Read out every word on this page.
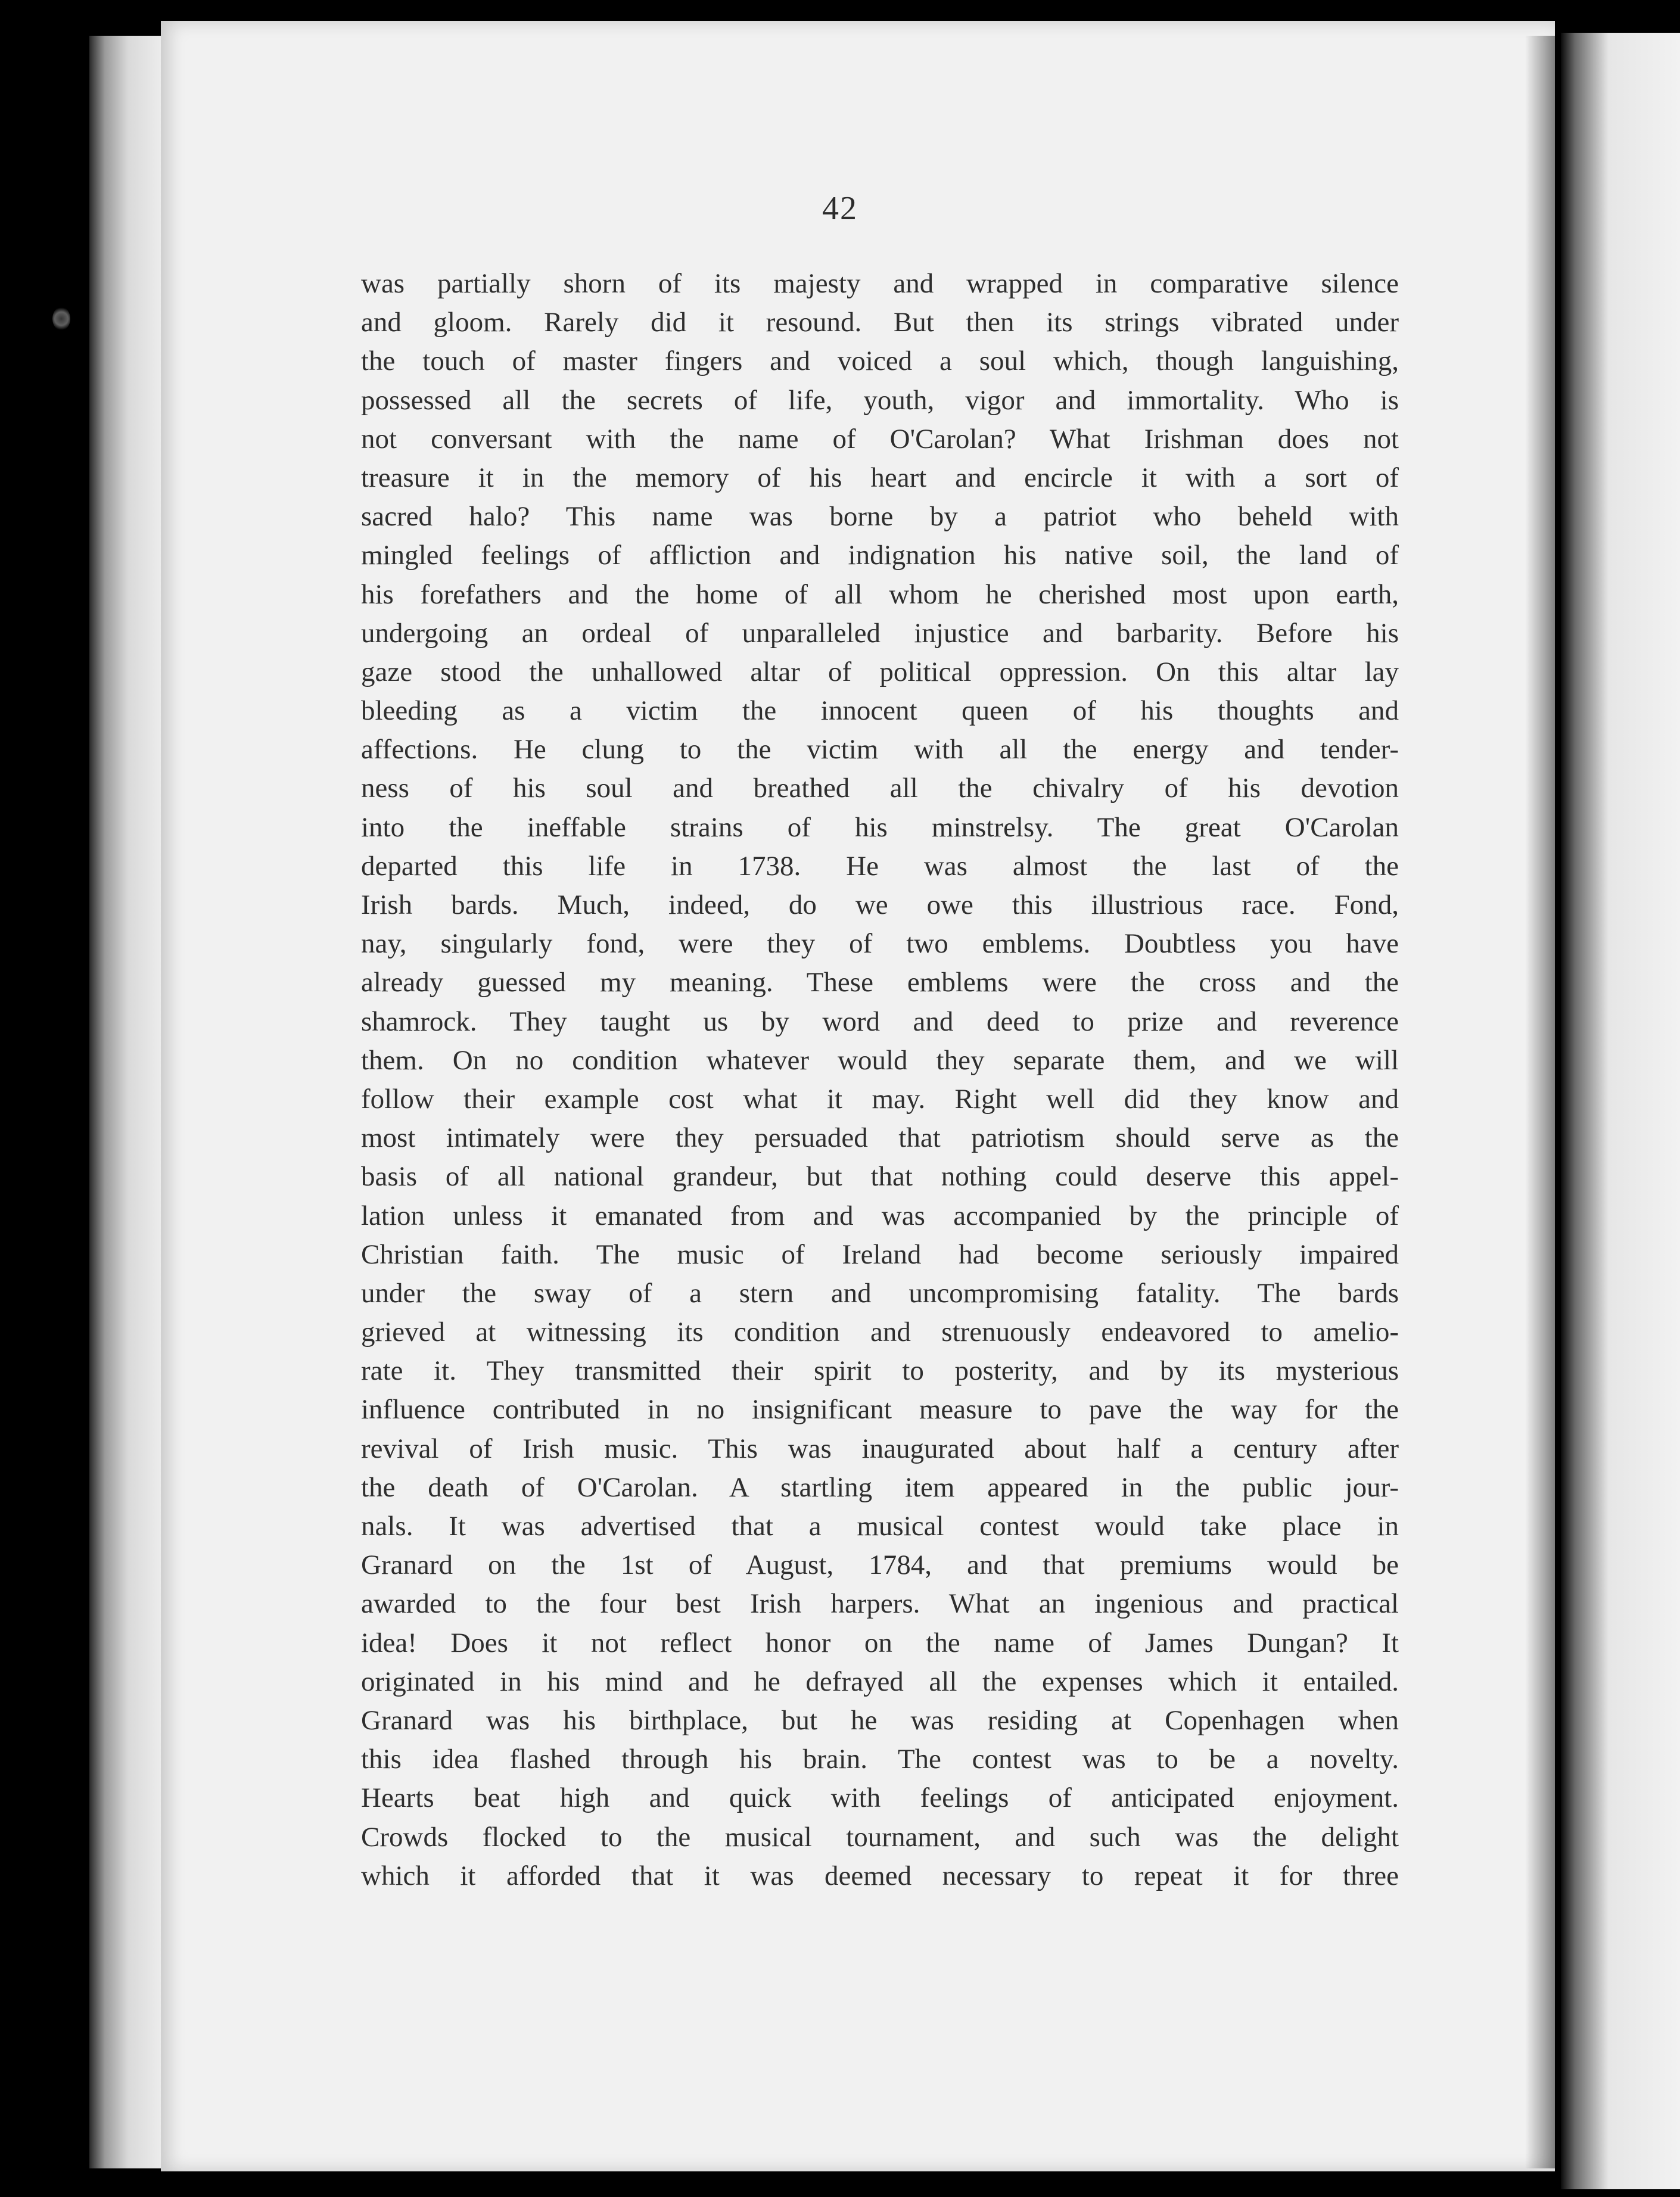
42
was partially shorn of its majesty and wrapped in comparative silence
and gloom. Rarely did it resound. But then its strings vibrated under
the touch of master fingers and voiced a soul which, though languishing,
possessed all the secrets of life, youth, vigor and immortality. Who is
not conversant with the name of O'Carolan? What Irishman does not
treasure it in the memory of his heart and encircle it with a sort of
sacred halo? This name was borne by a patriot who beheld with
mingled feelings of affliction and indignation his native soil, the land of
his forefathers and the home of all whom he cherished most upon earth,
undergoing an ordeal of unparalleled injustice and barbarity. Before his
gaze stood the unhallowed altar of political oppression. On this altar lay
bleeding as a victim the innocent queen of his thoughts and
affections. He clung to the victim with all the energy and tender-
ness of his soul and breathed all the chivalry of his devotion
into the ineffable strains of his minstrelsy. The great O'Carolan
departed this life in 1738. He was almost the last of the
Irish bards. Much, indeed, do we owe this illustrious race. Fond,
nay, singularly fond, were they of two emblems. Doubtless you have
already guessed my meaning. These emblems were the cross and the
shamrock. They taught us by word and deed to prize and reverence
them. On no condition whatever would they separate them, and we will
follow their example cost what it may. Right well did they know and
most intimately were they persuaded that patriotism should serve as the
basis of all national grandeur, but that nothing could deserve this appel-
lation unless it emanated from and was accompanied by the principle of
Christian faith. The music of Ireland had become seriously impaired
under the sway of a stern and uncompromising fatality. The bards
grieved at witnessing its condition and strenuously endeavored to amelio-
rate it. They transmitted their spirit to posterity, and by its mysterious
influence contributed in no insignificant measure to pave the way for the
revival of Irish music. This was inaugurated about half a century after
the death of O'Carolan. A startling item appeared in the public jour-
nals. It was advertised that a musical contest would take place in
Granard on the 1st of August, 1784, and that premiums would be
awarded to the four best Irish harpers. What an ingenious and practical
idea! Does it not reflect honor on the name of James Dungan? It
originated in his mind and he defrayed all the expenses which it entailed.
Granard was his birthplace, but he was residing at Copenhagen when
this idea flashed through his brain. The contest was to be a novelty.
Hearts beat high and quick with feelings of anticipated enjoyment.
Crowds flocked to the musical tournament, and such was the delight
which it afforded that it was deemed necessary to repeat it for three
